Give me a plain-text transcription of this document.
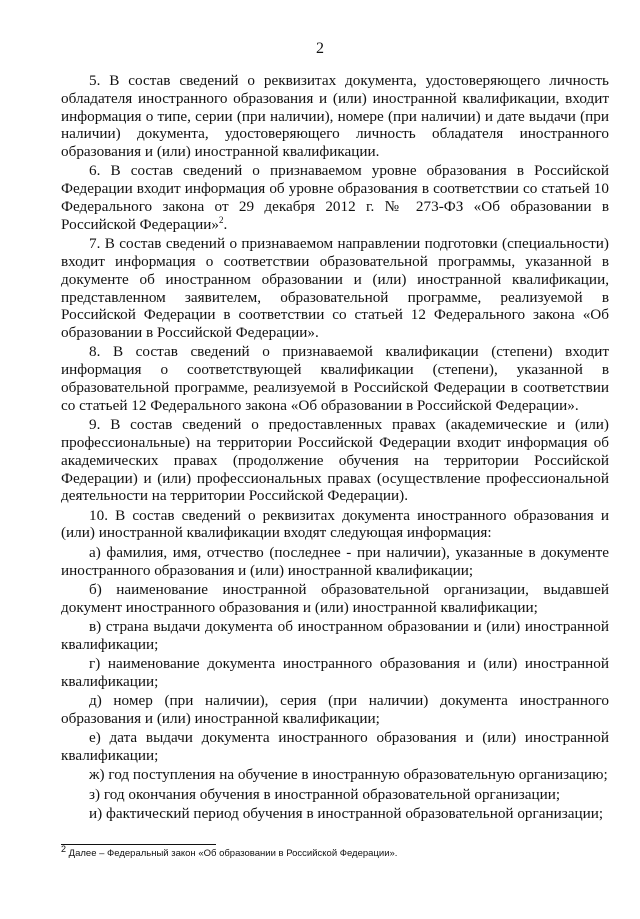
2

5. В состав сведений о реквизитах документа, удостоверяющего личность обладателя иностранного образования и (или) иностранной квалификации, входит информация о типе, серии (при наличии), номере (при наличии) и дате выдачи (при наличии) документа, удостоверяющего личность обладателя иностранного образования и (или) иностранной квалификации.

6. В состав сведений о признаваемом уровне образования в Российской Федерации входит информация об уровне образования в соответствии со статьей 10 Федерального закона от 29 декабря 2012 г. № 273-ФЗ «Об образовании в Российской Федерации»$^2$.

7. В состав сведений о признаваемом направлении подготовки (специальности) входит информация о соответствии образовательной программы, указанной в документе об иностранном образовании и (или) иностранной квалификации, представленном заявителем, образовательной программе, реализуемой в Российской Федерации в соответствии со статьей 12 Федерального закона «Об образовании в Российской Федерации».

8. В состав сведений о признаваемой квалификации (степени) входит информация о соответствующей квалификации (степени), указанной в образовательной программе, реализуемой в Российской Федерации в соответствии со статьей 12 Федерального закона «Об образовании в Российской Федерации».

9. В состав сведений о предоставленных правах (академические и (или) профессиональные) на территории Российской Федерации входит информация об академических правах (продолжение обучения на территории Российской Федерации) и (или) профессиональных правах (осуществление профессиональной деятельности на территории Российской Федерации).

10. В состав сведений о реквизитах документа иностранного образования и (или) иностранной квалификации входят следующая информация:

а) фамилия, имя, отчество (последнее - при наличии), указанные в документе иностранного образования и (или) иностранной квалификации;

б) наименование иностранной образовательной организации, выдавшей документ иностранного образования и (или) иностранной квалификации;

в) страна выдачи документа об иностранном образовании и (или) иностранной квалификации;

г) наименование документа иностранного образования и (или) иностранной квалификации;

д) номер (при наличии), серия (при наличии) документа иностранного образования и (или) иностранной квалификации;

е) дата выдачи документа иностранного образования и (или) иностранной квалификации;

ж) год поступления на обучение в иностранную образовательную организацию;

з) год окончания обучения в иностранной образовательной организации;

и) фактический период обучения в иностранной образовательной организации;

$^2$ Далее – Федеральный закон «Об образовании в Российской Федерации».
